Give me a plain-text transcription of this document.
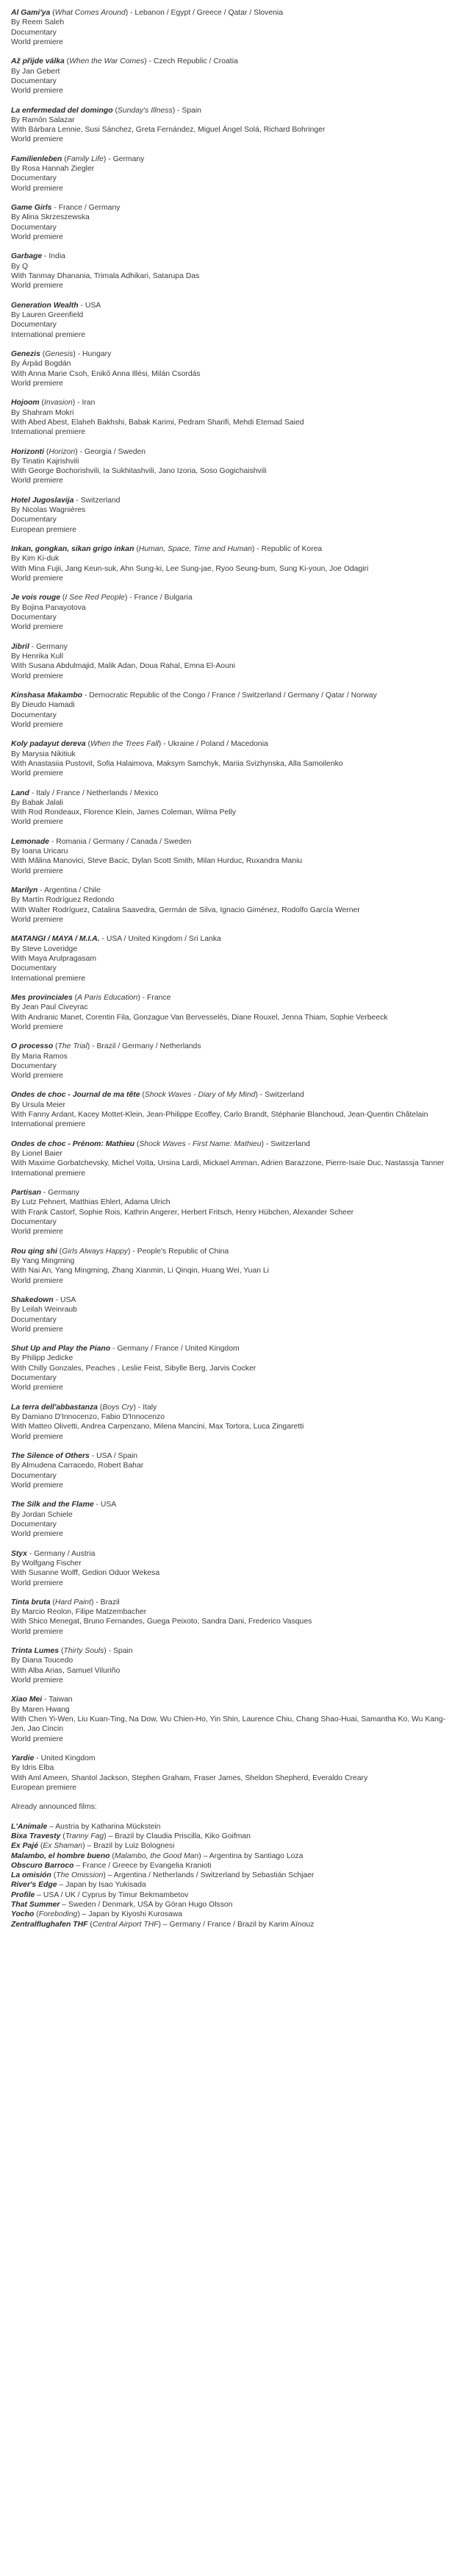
Al Gami'ya (What Comes Around) - Lebanon / Egypt / Greece / Qatar / Slovenia
By Reem Saleh
Documentary
World premiere
Až přijde válka (When the War Comes) - Czech Republic / Croatia
By Jan Gebert
Documentary
World premiere
La enfermedad del domingo (Sunday's Illness) - Spain
By Ramón Salazar
With Bárbara Lennie, Susi Sánchez, Greta Fernández, Miguel Ángel Solá, Richard Bohringer
World premiere
Familienleben (Family Life) - Germany
By Rosa Hannah Ziegler
Documentary
World premiere
Game Girls - France / Germany
By Alina Skrzeszewska
Documentary
World premiere
Garbage - India
By Q
With Tanmay Dhanania, Trimala Adhikari, Satarupa Das
World premiere
Generation Wealth - USA
By Lauren Greenfield
Documentary
International premiere
Genezis (Genesis) - Hungary
By Árpád Bogdán
With Anna Marie Csoh, Enikő Anna Illési, Milán Csordás
World premiere
Hojoom (Invasion) - Iran
By Shahram Mokri
With Abed Abest, Elaheh Bakhshi, Babak Karimi, Pedram Sharifi, Mehdi Etemad Saied
International premiere
Horizonti (Horizon) - Georgia / Sweden
By Tinatin Kajrishvili
With George Bochorishvili, Ia Sukhitashvili, Jano Izoria, Soso Gogichaishvili
World premiere
Hotel Jugoslavija - Switzerland
By Nicolas Wagnières
Documentary
European premiere
Inkan, gongkan, sikan grigo inkan (Human, Space, Time and Human) - Republic of Korea
By Kim Ki-duk
With Mina Fujii, Jang Keun-suk, Ahn Sung-ki, Lee Sung-jae, Ryoo Seung-bum, Sung Ki-youn, Joe Odagiri
World premiere
Je vois rouge (I See Red People) - France / Bulgaria
By Bojina Panayotova
Documentary
World premiere
Jibril - Germany
By Henrika Kull
With Susana Abdulmajid, Malik Adan, Doua Rahal, Emna El-Aouni
World premiere
Kinshasa Makambo - Democratic Republic of the Congo / France / Switzerland / Germany / Qatar / Norway
By Dieudo Hamadi
Documentary
World premiere
Koly padayut dereva (When the Trees Fall) - Ukraine / Poland / Macedonia
By Marysia Nikitiuk
With Anastasiia Pustovit, Sofia Halaimova, Maksym Samchyk, Mariia Svizhynska, Alla Samoilenko
World premiere
Land - Italy / France / Netherlands / Mexico
By Babak Jalali
With Rod Rondeaux, Florence Klein, James Coleman, Wilma Pelly
World premiere
Lemonade - Romania / Germany / Canada / Sweden
By Ioana Uricaru
With Mălina Manovici, Steve Bacic, Dylan Scott Smith, Milan Hurduc, Ruxandra Maniu
World premiere
Marilyn - Argentina / Chile
By Martín Rodríguez Redondo
With Walter Rodríguez, Catalina Saavedra, Germán de Silva, Ignacio Giménez, Rodolfo García Werner
World premiere
MATANGI / MAYA / M.I.A. - USA / United Kingdom / Sri Lanka
By Steve Loveridge
With Maya Arulpragasam
Documentary
International premiere
Mes provinciales (A Paris Education) - France
By Jean Paul Civeyrac
With Andranic Manet, Corentin Fila, Gonzague Van Bervesselès, Diane Rouxel, Jenna Thiam, Sophie Verbeeck
World premiere
O processo (The Trial) - Brazil / Germany / Netherlands
By Maria Ramos
Documentary
World premiere
Ondes de choc - Journal de ma tête (Shock Waves - Diary of My Mind) - Switzerland
By Ursula Meier
With Fanny Ardant, Kacey Mottet-Klein, Jean-Philippe Ecoffey, Carlo Brandt, Stéphanie Blanchoud, Jean-Quentin Châtelain
International premiere
Ondes de choc - Prénom: Mathieu (Shock Waves - First Name: Mathieu) - Switzerland
By Lionel Baier
With Maxime Gorbatchevsky, Michel Voïta, Ursina Lardi, Mickael Amman, Adrien Barazzone, Pierre-Isaïe Duc, Nastassja Tanner
International premiere
Partisan - Germany
By Lutz Pehnert, Matthias Ehlert, Adama Ulrich
With Frank Castorf, Sophie Rois, Kathrin Angerer, Herbert Fritsch, Henry Hübchen, Alexander Scheer
Documentary
World premiere
Rou qing shi (Girls Always Happy) - People's Republic of China
By Yang Mingming
With Nai An, Yang Mingming, Zhang Xianmin, Li Qinqin, Huang Wei, Yuan Li
World premiere
Shakedown - USA
By Leilah Weinraub
Documentary
World premiere
Shut Up and Play the Piano - Germany / France / United Kingdom
By Philipp Jedicke
With Chilly Gonzales, Peaches , Leslie Feist, Sibylle Berg, Jarvis Cocker
Documentary
World premiere
La terra dell'abbastanza (Boys Cry) - Italy
By Damiano D'Innocenzo, Fabio D'Innocenzo
With Matteo Olivetti, Andrea Carpenzano, Milena Mancini, Max Tortora, Luca Zingaretti
World premiere
The Silence of Others - USA / Spain
By Almudena Carracedo, Robert Bahar
Documentary
World premiere
The Silk and the Flame - USA
By Jordan Schiele
Documentary
World premiere
Styx - Germany / Austria
By Wolfgang Fischer
With Susanne Wolff, Gedion Oduor Wekesa
World premiere
Tinta bruta (Hard Paint) - Brazil
By Marcio Reolon, Filipe Matzembacher
With Shico Menegat, Bruno Fernandes, Guega Peixoto, Sandra Dani, Frederico Vasques
World premiere
Trinta Lumes (Thirty Souls) - Spain
By Diana Toucedo
With Alba Arias, Samuel Viluriño
World premiere
Xiao Mei - Taiwan
By Maren Hwang
With Chen Yi-Wen, Liu Kuan-Ting, Na Dow, Wu Chien-Ho, Yin Shin, Laurence Chiu, Chang Shao-Huai, Samantha Ko, Wu Kang-Jen, Jao Cincin
World premiere
Yardie - United Kingdom
By Idris Elba
With Aml Ameen, Shantol Jackson, Stephen Graham, Fraser James, Sheldon Shepherd, Everaldo Creary
European premiere
Already announced films:
L'Animale – Austria by Katharina Mückstein
Bixa Travesty (Tranny Fag) – Brazil by Claudia Priscilla, Kiko Goifman
Ex Pajé (Ex Shaman) – Brazil by Luiz Bolognesi
Malambo, el hombre bueno (Malambo, the Good Man) – Argentina by Santiago Loza
Obscuro Barroco – France / Greece by Evangelia Kranioti
La omisión (The Omission) – Argentina / Netherlands / Switzerland by Sebastián Schjaer
River's Edge – Japan by Isao Yukisada
Profile – USA / UK / Cyprus by Timur Bekmambetov
That Summer – Sweden / Denmark, USA by Göran Hugo Olsson
Yocho (Foreboding) – Japan by Kiyoshi Kurosawa
Zentralflughafen THF (Central Airport THF) – Germany / France / Brazil by Karim Aïnouz
